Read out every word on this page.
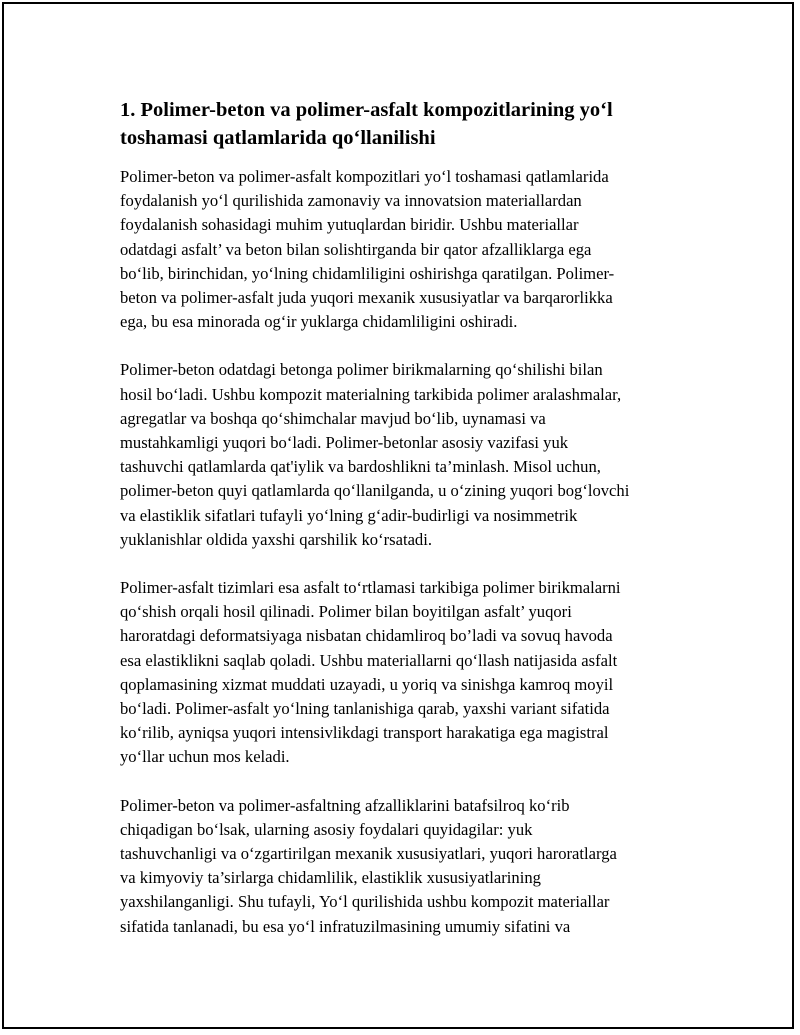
1. Polimer-beton va polimer-asfalt kompozitlarining yo‘l
toshamasi qatlamlarida qo‘llanilishi

Polimer-beton va polimer-asfalt kompozitlari yo‘l toshamasi qatlamlarida
foydalanish yo‘l qurilishida zamonaviy va innovatsion materiallardan
foydalanish sohasidagi muhim yutuqlardan biridir. Ushbu materiallar
odatdagi asfalt’ va beton bilan solishtirganda bir qator afzalliklarga ega
bo‘lib, birinchidan, yo‘lning chidamliligini oshirishga qaratilgan. Polimer-
beton va polimer-asfalt juda yuqori mexanik xususiyatlar va barqarorlikka
ega, bu esa minorada og‘ir yuklarga chidamliligini oshiradi.

Polimer-beton odatdagi betonga polimer birikmalarning qo‘shilishi bilan
hosil bo‘ladi. Ushbu kompozit materialning tarkibida polimer aralashmalar,
agregatlar va boshqa qo‘shimchalar mavjud bo‘lib, uynamasi va
mustahkamligi yuqori bo‘ladi. Polimer-betonlar asosiy vazifasi yuk
tashuvchi qatlamlarda qat'iylik va bardoshlikni ta’minlash. Misol uchun,
polimer-beton quyi qatlamlarda qo‘llanilganda, u o‘zining yuqori bog‘lovchi
va elastiklik sifatlari tufayli yo‘lning g‘adir-budirligi va nosimmetrik
yuklanishlar oldida yaxshi qarshilik ko‘rsatadi.

Polimer-asfalt tizimlari esa asfalt to‘rtlamasi tarkibiga polimer birikmalarni
qo‘shish orqali hosil qilinadi. Polimer bilan boyitilgan asfalt’ yuqori
haroratdagi deformatsiyaga nisbatan chidamliroq bo’ladi va sovuq havoda
esa elastiklikni saqlab qoladi. Ushbu materiallarni qo‘llash natijasida asfalt
qoplamasining xizmat muddati uzayadi, u yoriq va sinishga kamroq moyil
bo‘ladi. Polimer-asfalt yo‘lning tanlanishiga qarab, yaxshi variant sifatida
ko‘rilib, ayniqsa yuqori intensivlikdagi transport harakatiga ega magistral
yo‘llar uchun mos keladi.

Polimer-beton va polimer-asfaltning afzalliklarini batafsilroq ko‘rib
chiqadigan bo‘lsak, ularning asosiy foydalari quyidagilar: yuk
tashuvchanligi va o‘zgartirilgan mexanik xususiyatlari, yuqori haroratlarga
va kimyoviy ta’sirlarga chidamlilik, elastiklik xususiyatlarining
yaxshilanganligi. Shu tufayli, Yo‘l qurilishida ushbu kompozit materiallar
sifatida tanlanadi, bu esa yo‘l infratuzilmasining umumiy sifatini va
